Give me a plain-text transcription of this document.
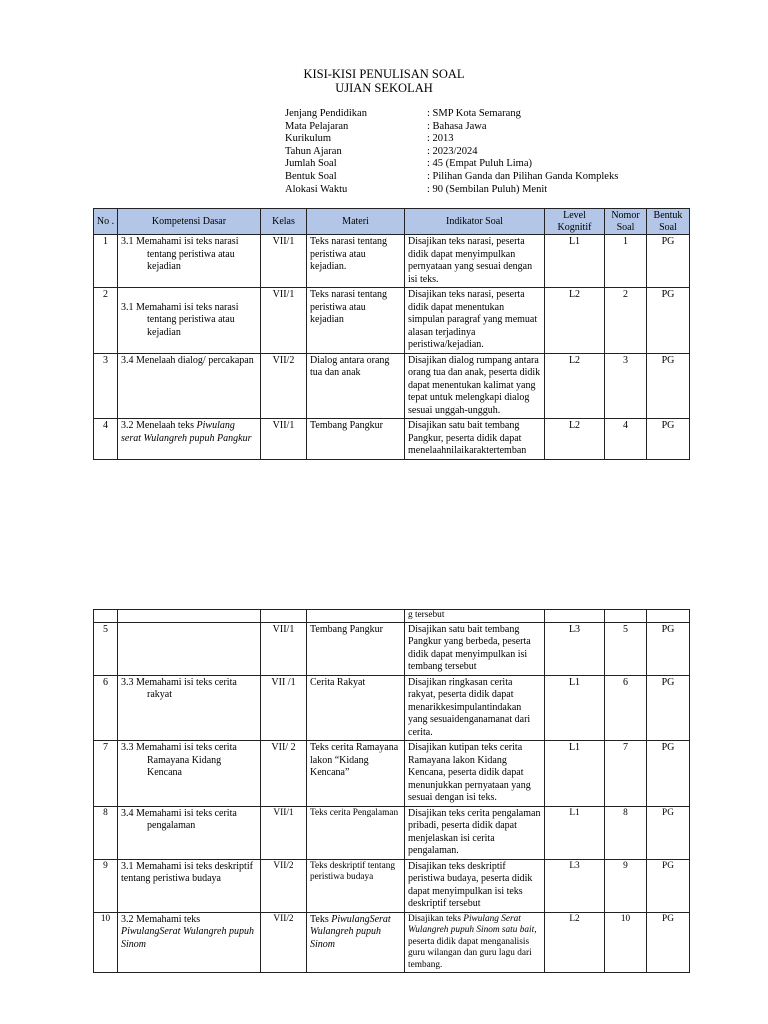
KISI-KISI PENULISAN SOAL
UJIAN SEKOLAH
Jenjang Pendidikan	: SMP Kota Semarang
Mata Pelajaran	: Bahasa Jawa
Kurikulum	: 2013
Tahun Ajaran	: 2023/2024
Jumlah Soal	: 45 (Empat Puluh Lima)
Bentuk Soal	: Pilihan Ganda dan Pilihan Ganda Kompleks
Alokasi Waktu	: 90 (Sembilan Puluh) Menit
No .	Kompetensi Dasar	Kelas	Materi	Indikator Soal	Level Kognitif	Nomor Soal	Bentuk Soal
1	3.1 Memahami isi teks narasi tentang peristiwa atau kejadian	VII/1	Teks narasi tentang peristiwa atau kejadian.	Disajikan teks narasi, peserta didik dapat menyimpulkan pernyataan yang sesuai dengan isi teks.	L1	1	PG
2	3.1 Memahami isi teks narasi tentang peristiwa atau kejadian	VII/1	Teks narasi tentang peristiwa atau kejadian	Disajikan teks narasi, peserta didik dapat menentukan simpulan paragraf yang memuat alasan terjadinya peristiwa/kejadian.	L2	2	PG
3	3.4 Menelaah dialog/ percakapan	VII/2	Dialog antara orang tua dan anak	Disajikan dialog rumpang antara orang tua dan anak, peserta didik dapat menentukan kalimat yang tepat untuk melengkapi dialog sesuai unggah-ungguh.	L2	3	PG
4	3.2 Menelaah teks Piwulang serat Wulangreh pupuh Pangkur	VII/1	Tembang Pangkur	Disajikan satu bait tembang Pangkur, peserta didik dapat menelaahnilaikaraktertemban	L2	4	PG
				g tersebut			
5		VII/1	Tembang Pangkur	Disajikan satu bait tembang Pangkur yang berbeda, peserta didik dapat menyimpulkan isi tembang tersebut	L3	5	PG
6	3.3 Memahami isi teks cerita rakyat	VII /1	Cerita Rakyat	Disajikan ringkasan cerita rakyat, peserta didik dapat menarikkesimpulantindakan yang sesuaidenganamanat dari cerita.	L1	6	PG
7	3.3 Memahami isi teks cerita Ramayana Kidang Kencana	VII/ 2	Teks cerita Ramayana lakon “Kidang Kencana”	Disajikan kutipan teks cerita Ramayana lakon Kidang Kencana, peserta didik dapat menunjukkan pernyataan yang sesuai dengan isi teks.	L1	7	PG
8	3.4 Memahami isi teks cerita pengalaman	VII/1	Teks cerita Pengalaman	Disajikan teks cerita pengalaman pribadi, peserta didik dapat menjelaskan isi cerita pengalaman.	L1	8	PG
9	3.1 Memahami isi teks deskriptif tentang peristiwa budaya	VII/2	Teks deskriptif tentang peristiwa budaya	Disajikan teks deskriptif peristiwa budaya, peserta didik dapat menyimpulkan isi teks deskriptif tersebut	L3	9	PG
10	3.2 Memahami teks PiwulangSerat Wulangreh pupuh Sinom	VII/2	Teks PiwulangSerat Wulangreh pupuh Sinom	Disajikan teks Piwulang Serat Wulangreh pupuh Sinom satu bait, peserta didik dapat menganalisis guru wilangan dan guru lagu dari tembang.	L2	10	PG
